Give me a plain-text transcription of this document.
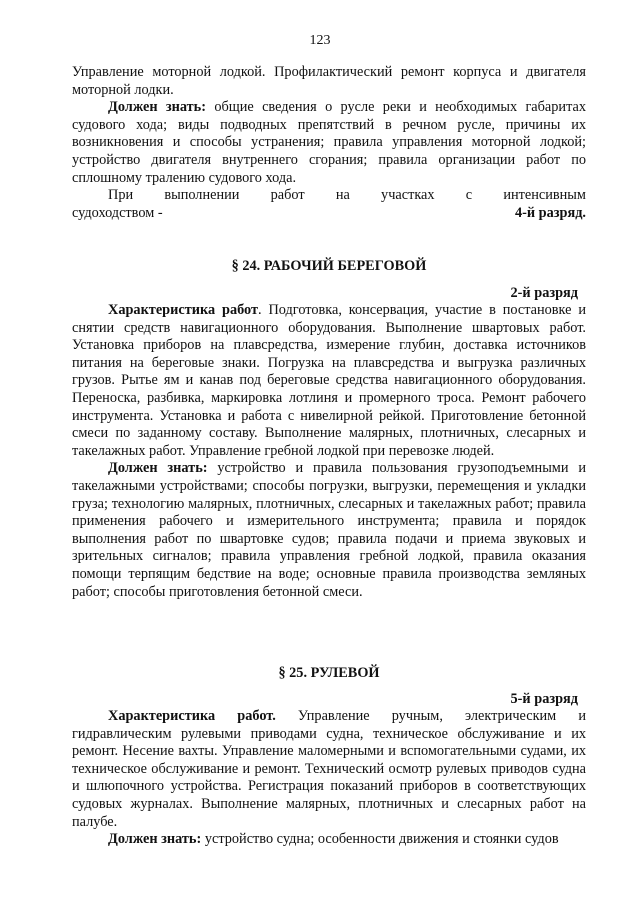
123

Управление моторной лодкой. Профилактический ремонт корпуса и двигателя моторной лодки.

Должен знать: общие сведения о русле реки и необходимых габаритах судового хода; виды подводных препятствий в речном русле, причины их возникновения и способы устранения; правила управления моторной лодкой; устройство двигателя внутреннего сгорания; правила организации работ по сплошному тралению судового хода.

При выполнении работ на участках с интенсивным
судоходством -	4-й разряд.
§ 24. РАБОЧИЙ БЕРЕГОВОЙ
2-й разряд

Характеристика работ. Подготовка, консервация, участие в постановке и снятии средств навигационного оборудования. Выполнение швартовых работ. Установка приборов на плавсредства, измерение глубин, доставка источников питания на береговые знаки. Погрузка на плавсредства и выгрузка различных грузов. Рытье ям и канав под береговые средства навигационного оборудования. Переноска, разбивка, маркировка лотлиня и промерного троса. Ремонт рабочего инструмента. Установка и работа с нивелирной рейкой. Приготовление бетонной смеси по заданному составу. Выполнение малярных, плотничных, слесарных и такелажных работ. Управление гребной лодкой при перевозке людей.

Должен знать: устройство и правила пользования грузоподъемными и такелажными устройствами; способы погрузки, выгрузки, перемещения и укладки груза; технологию малярных, плотничных, слесарных и такелажных работ; правила применения рабочего и измерительного инструмента; правила и порядок выполнения работ по швартовке судов; правила подачи и приема звуковых и зрительных сигналов; правила управления гребной лодкой, правила оказания помощи терпящим бедствие на воде; основные правила производства земляных работ; способы приготовления бетонной смеси.

§ 25. РУЛЕВОЙ
5-й разряд

Характеристика работ. Управление ручным, электрическим и гидравлическим рулевыми приводами судна, техническое обслуживание и их ремонт. Несение вахты. Управление маломерными и вспомогательными судами, их техническое обслуживание и ремонт. Технический осмотр рулевых приводов судна и шлюпочного устройства. Регистрация показаний приборов в соответствующих судовых журналах. Выполнение малярных, плотничных и слесарных работ на палубе.

Должен знать: устройство судна; особенности движения и стоянки судов
